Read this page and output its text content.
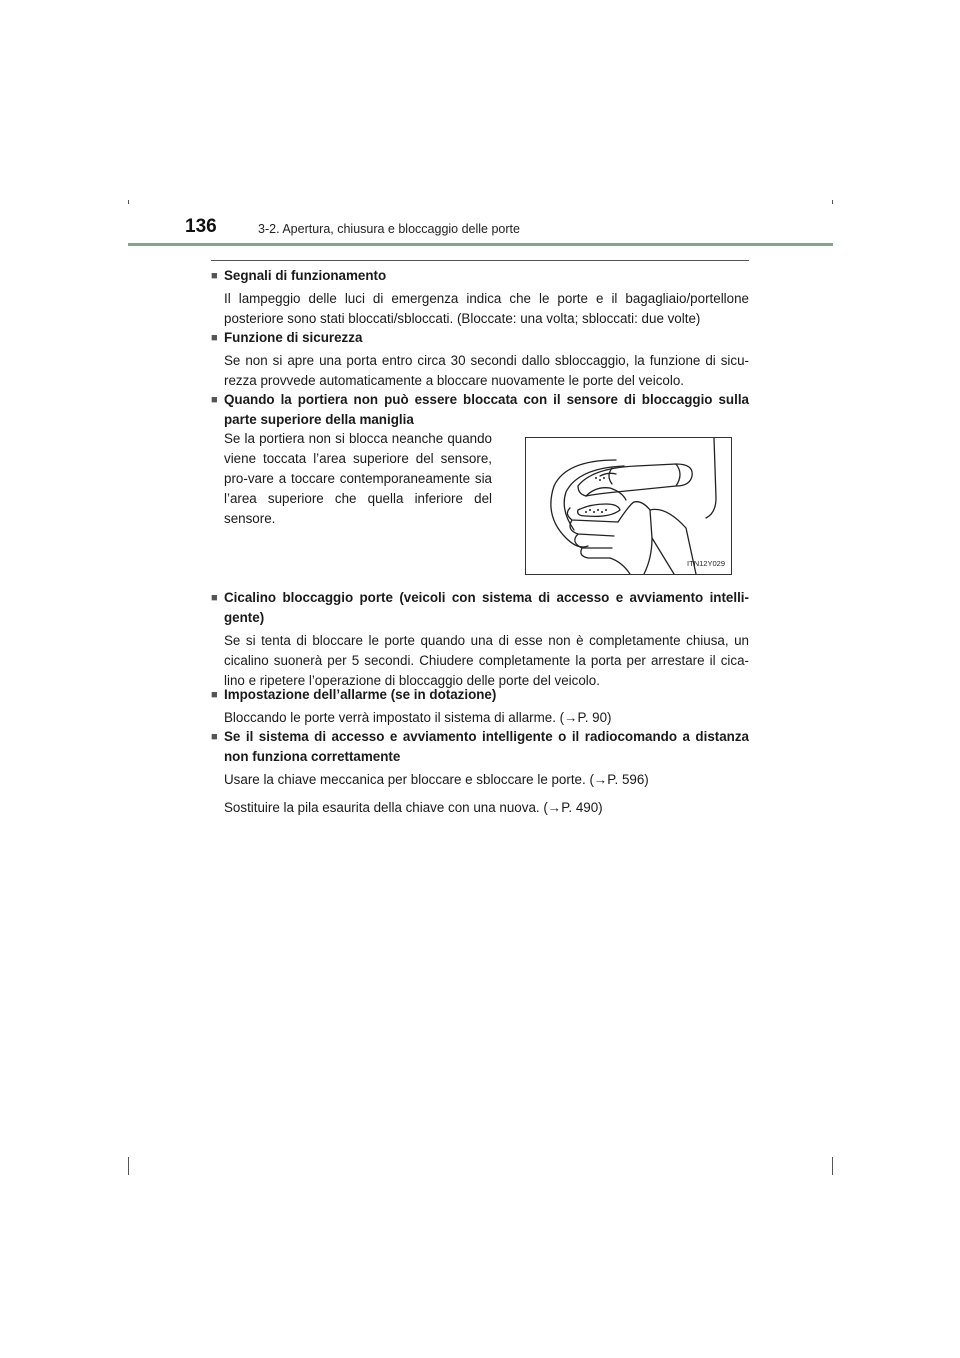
136	3-2. Apertura, chiusura e bloccaggio delle porte
■ Segnali di funzionamento
Il lampeggio delle luci di emergenza indica che le porte e il bagagliaio/portellone posteriore sono stati bloccati/sbloccati. (Bloccate: una volta; sbloccati: due volte)
■ Funzione di sicurezza
Se non si apre una porta entro circa 30 secondi dallo sbloccaggio, la funzione di sicu-rezza provvede automaticamente a bloccare nuovamente le porte del veicolo.
■ Quando la portiera non può essere bloccata con il sensore di bloccaggio sulla parte superiore della maniglia
Se la portiera non si blocca neanche quando viene toccata l’area superiore del sensore, pro-vare a toccare contemporaneamente sia l’area superiore che quella inferiore del sensore.
ITN12Y029
■ Cicalino bloccaggio porte (veicoli con sistema di accesso e avviamento intelli-gente)
Se si tenta di bloccare le porte quando una di esse non è completamente chiusa, un cicalino suonerà per 5 secondi. Chiudere completamente la porta per arrestare il cica-lino e ripetere l’operazione di bloccaggio delle porte del veicolo.
■ Impostazione dell’allarme (se in dotazione)
Bloccando le porte verrà impostato il sistema di allarme. (→P. 90)
■ Se il sistema di accesso e avviamento intelligente o il radiocomando a distanza non funziona correttamente
Usare la chiave meccanica per bloccare e sbloccare le porte. (→P. 596)
Sostituire la pila esaurita della chiave con una nuova. (→P. 490)
